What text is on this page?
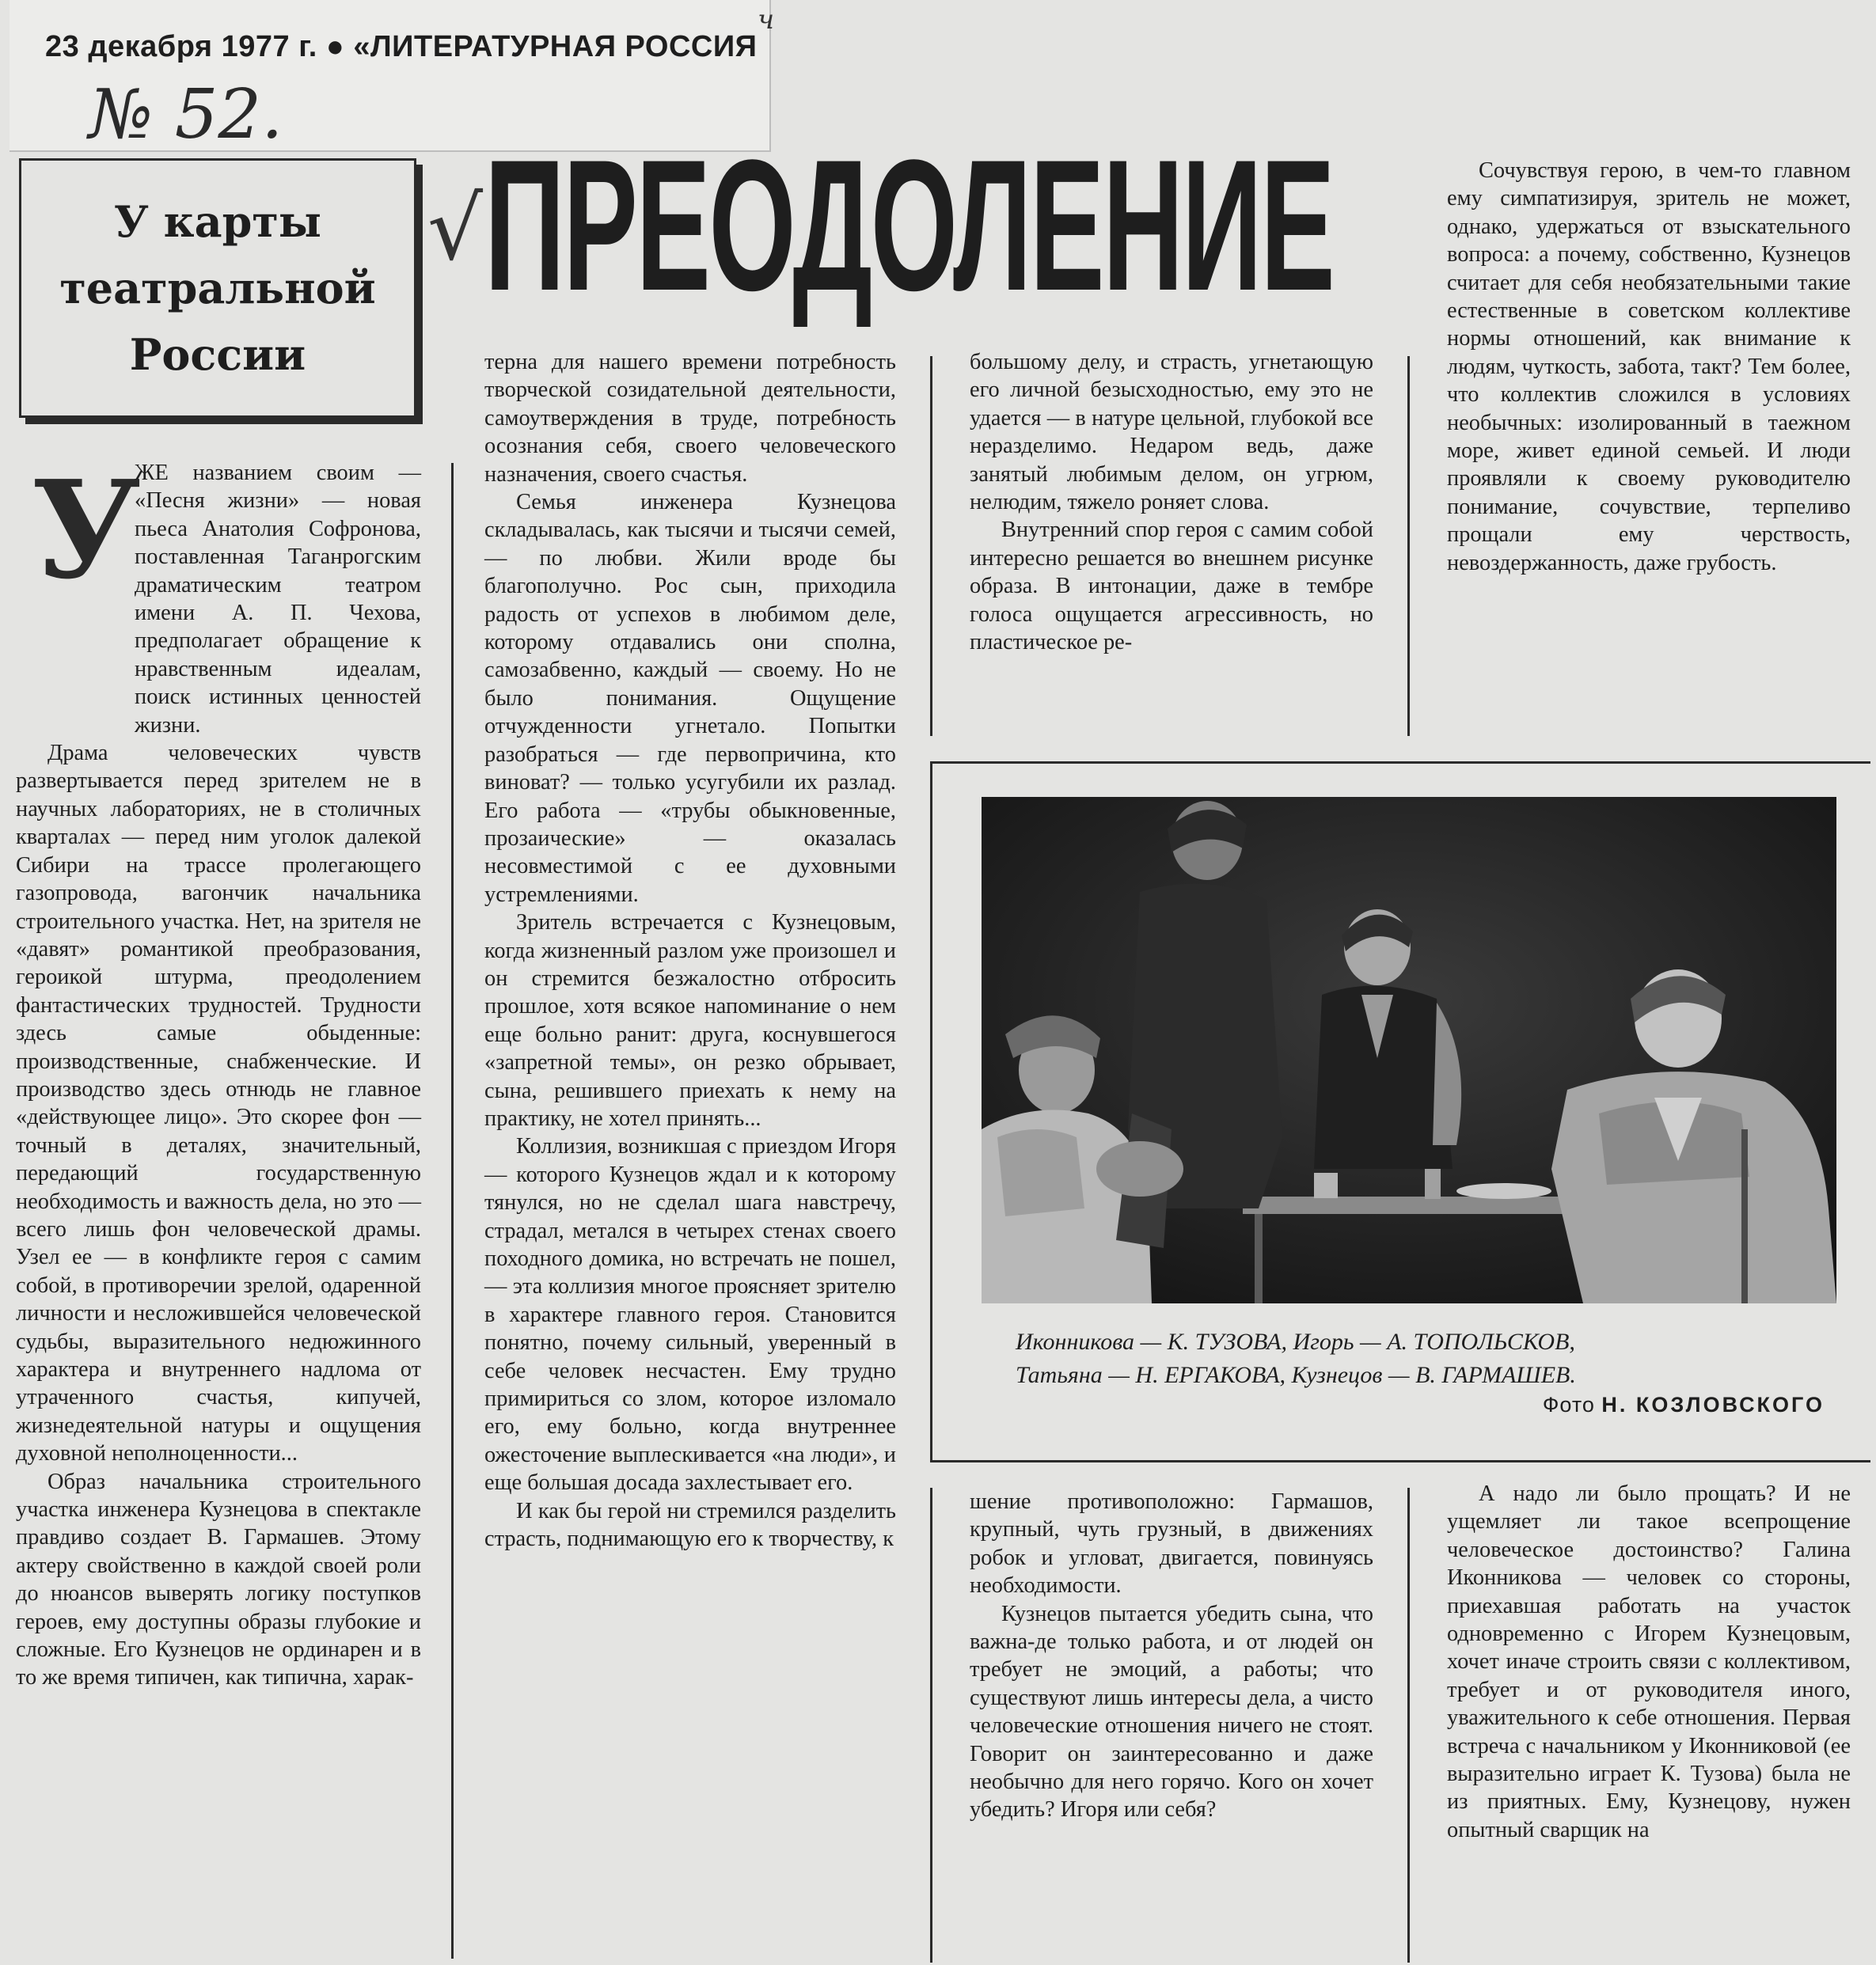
23 декабря 1977 г. ● «ЛИТЕРАТУРНАЯ РОССИЯ
№ 52.
ч
У карты
театральной
России
√ ПРЕОДОЛЕНИЕ
У

ЖЕ названием своим — «Песня жизни» — новая пьеса Анатолия Софронова, поставленная Таганрогским драматическим театром имени А. П. Чехова, предполагает обращение к нравственным идеалам, поиск истинных ценностей жизни.

Драма человеческих чувств развертывается перед зрителем не в научных лабораториях, не в столичных кварталах — перед ним уголок далекой Сибири на трассе пролегающего газопровода, вагончик начальника строительного участка. Нет, на зрителя не «давят» романтикой преобразования, героикой штурма, преодолением фантастических трудностей. Трудности здесь самые обыденные: производственные, снабженческие. И производство здесь отнюдь не главное «действующее лицо». Это скорее фон — точный в деталях, значительный, передающий государственную необходимость и важность дела, но это — всего лишь фон человеческой драмы. Узел ее — в конфликте героя с самим собой, в противоречии зрелой, одаренной личности и несложившейся человеческой судьбы, выразительного недюжинного характера и внутреннего надлома от утраченного счастья, кипучей, жизнедеятельной натуры и ощущения духовной неполноценности...

Образ начальника строительного участка инженера Кузнецова в спектакле правдиво создает В. Гармашев. Этому актеру свойственно в каждой своей роли до нюансов выверять логику поступков героев, ему доступны образы глубокие и сложные. Его Кузнецов не ординарен и в то же время типичен, как типична, харак-

терна для нашего времени потребность творческой созидательной деятельности, самоутверждения в труде, потребность осознания себя, своего человеческого назначения, своего счастья.

Семья инженера Кузнецова складывалась, как тысячи и тысячи семей, — по любви. Жили вроде бы благополучно. Рос сын, приходила радость от успехов в любимом деле, которому отдавались они сполна, самозабвенно, каждый — своему. Но не было понимания. Ощущение отчужденности угнетало. Попытки разобраться — где первопричина, кто виноват? — только усугубили их разлад. Его работа — «трубы обыкновенные, прозаические» — оказалась несовместимой с ее духовными устремлениями.

Зритель встречается с Кузнецовым, когда жизненный разлом уже произошел и он стремится безжалостно отбросить прошлое, хотя всякое напоминание о нем еще больно ранит: друга, коснувшегося «запретной темы», он резко обрывает, сына, решившего приехать к нему на практику, не хотел принять...

Коллизия, возникшая с приездом Игоря — которого Кузнецов ждал и к которому тянулся, но не сделал шага навстречу, страдал, метался в четырех стенах своего походного домика, но встречать не пошел, — эта коллизия многое проясняет зрителю в характере главного героя. Становится понятно, почему сильный, уверенный в себе человек несчастен. Ему трудно примириться со злом, которое изломало его, ему больно, когда внутреннее ожесточение выплескивается «на люди», и еще большая досада захлестывает его.

И как бы герой ни стремился разделить страсть, поднимающую его к творчеству, к

большому делу, и страсть, угнетающую его личной безысходностью, ему это не удается — в натуре цельной, глубокой все неразделимо. Недаром ведь, даже занятый любимым делом, он угрюм, нелюдим, тяжело роняет слова.

Внутренний спор героя с самим собой интересно решается во внешнем рисунке образа. В интонации, даже в тембре голоса ощущается агрессивность, но пластическое ре-

Сочувствуя герою, в чем-то главном ему симпатизируя, зритель не может, однако, удержаться от взыскательного вопроса: а почему, собственно, Кузнецов считает для себя необязательными такие естественные в советском коллективе нормы отношений, как внимание к людям, чуткость, забота, такт? Тем более, что коллектив сложился в условиях необычных: изолированный в таежном море, живет единой семьей. И люди проявляли к своему руководителю понимание, сочувствие, терпеливо прощали ему черствость, невоздержанность, даже грубость.

Иконникова — К. ТУЗОВА, Игорь — А. ТОПОЛЬСКОВ,
Татьяна — Н. ЕРГАКОВА, Кузнецов — В. ГАРМАШЕВ.
Фото Н. КОЗЛОВСКОГО

шение противоположно: Гармашов, крупный, чуть грузный, в движениях робок и угловат, двигается, повинуясь необходимости.

Кузнецов пытается убедить сына, что важна-де только работа, и от людей он требует не эмоций, а работы; что существуют лишь интересы дела, а чисто человеческие отношения ничего не стоят. Говорит он заинтересованно и даже необычно для него горячо. Кого он хочет убедить? Игоря или себя?

А надо ли было прощать? И не ущемляет ли такое всепрощение человеческое достоинство? Галина Иконникова — человек со стороны, приехавшая работать на участок одновременно с Игорем Кузнецовым, хочет иначе строить связи с коллективом, требует и от руководителя иного, уважительного к себе отношения. Первая встреча с начальником у Иконниковой (ее выразительно играет К. Тузова) была не из приятных. Ему, Кузнецову, нужен опытный сварщик на
